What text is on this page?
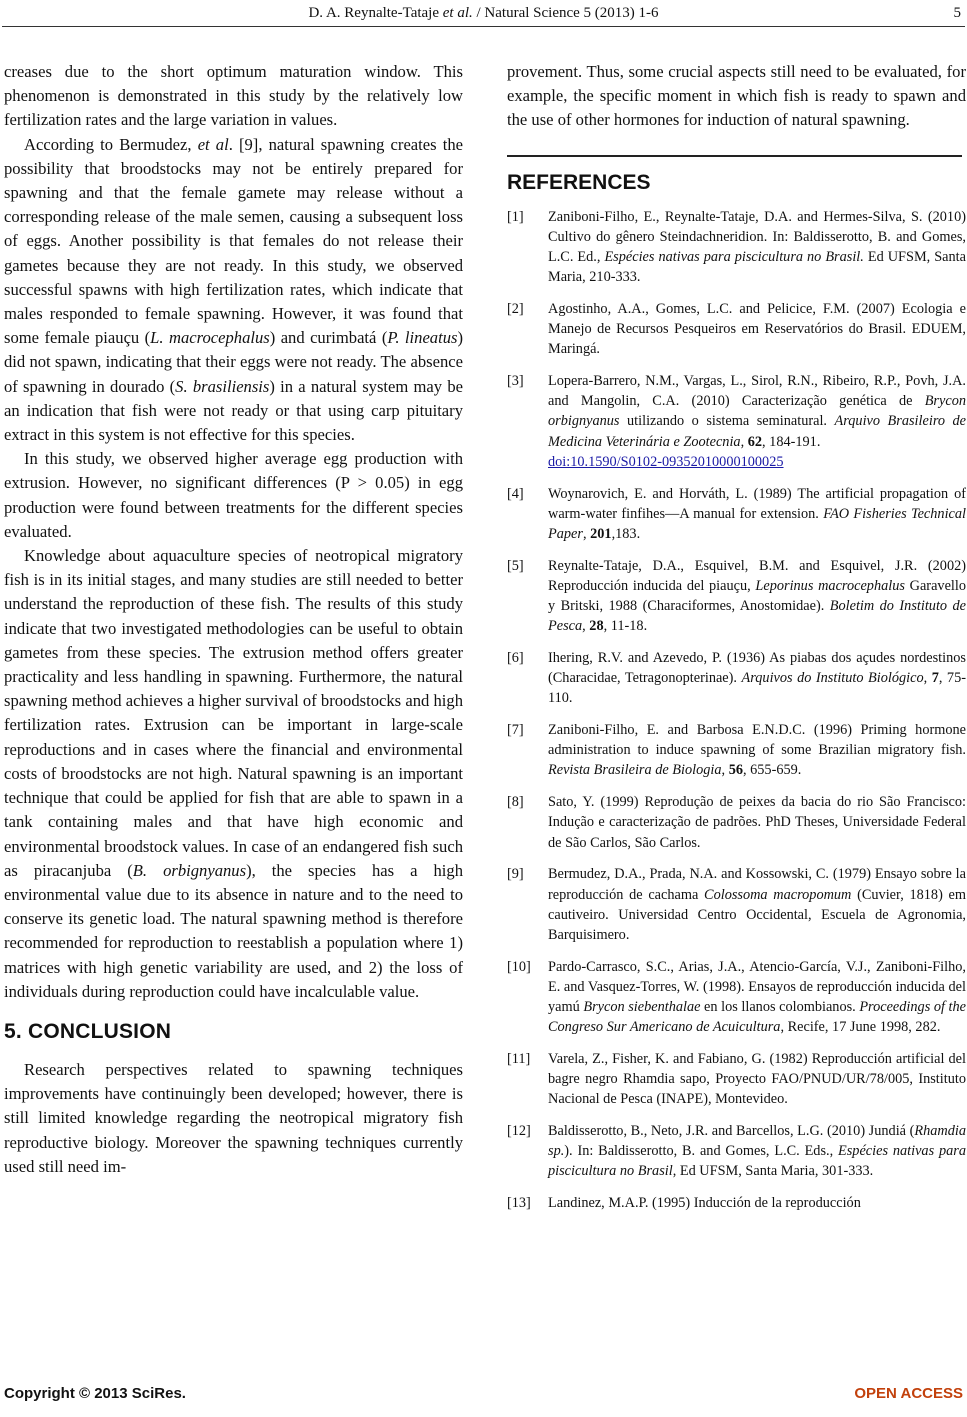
D. A. Reynalte-Tataje et al. / Natural Science 5 (2013) 1-6	5

creases due to the short optimum maturation window. This phenomenon is demonstrated in this study by the relatively low fertilization rates and the large variation in values.

According to Bermudez, et al. [9], natural spawning creates the possibility that broodstocks may not be entirely prepared for spawning and that the female gamete may release without a corresponding release of the male semen, causing a subsequent loss of eggs. Another possibility is that females do not release their gametes because they are not ready. In this study, we observed successful spawns with high fertilization rates, which indicate that males responded to female spawning. However, it was found that some female piauçu (L. macrocephalus) and curimbatá (P. lineatus) did not spawn, indicating that their eggs were not ready. The absence of spawning in dourado (S. brasiliensis) in a natural system may be an indication that fish were not ready or that using carp pituitary extract in this system is not effective for this species.

In this study, we observed higher average egg production with extrusion. However, no significant differences (P > 0.05) in egg production were found between treatments for the different species evaluated.

Knowledge about aquaculture species of neotropical migratory fish is in its initial stages, and many studies are still needed to better understand the reproduction of these fish. The results of this study indicate that two investigated methodologies can be useful to obtain gametes from these species. The extrusion method offers greater practicality and less handling in spawning. Furthermore, the natural spawning method achieves a higher survival of broodstocks and high fertilization rates. Extrusion can be important in large-scale reproductions and in cases where the financial and environmental costs of broodstocks are not high. Natural spawning is an important technique that could be applied for fish that are able to spawn in a tank containing males and that have high economic and environmental broodstock values. In case of an endangered fish such as piracanjuba (B. orbignyanus), the species has a high environmental value due to its absence in nature and to the need to conserve its genetic load. The natural spawning method is therefore recommended for reproduction to reestablish a population where 1) matrices with high genetic variability are used, and 2) the loss of individuals during reproduction could have incalculable value.

5. CONCLUSION

Research perspectives related to spawning techniques improvements have continuingly been developed; however, there is still limited knowledge regarding the neotropical migratory fish reproductive biology. Moreover the spawning techniques currently used still need im-

provement. Thus, some crucial aspects still need to be evaluated, for example, the specific moment in which fish is ready to spawn and the use of other hormones for induction of natural spawning.

REFERENCES
[1] Zaniboni-Filho, E., Reynalte-Tataje, D.A. and Hermes-Silva, S. (2010) Cultivo do gênero Steindachneridion. In: Baldisserotto, B. and Gomes, L.C. Ed., Espécies nativas para piscicultura no Brasil. Ed UFSM, Santa Maria, 210-333.
[2] Agostinho, A.A., Gomes, L.C. and Pelicice, F.M. (2007) Ecologia e Manejo de Recursos Pesqueiros em Reservatórios do Brasil. EDUEM, Maringá.
[3] Lopera-Barrero, N.M., Vargas, L., Sirol, R.N., Ribeiro, R.P., Povh, J.A. and Mangolin, C.A. (2010) Caracterização genética de Brycon orbignyanus utilizando o sistema seminatural. Arquivo Brasileiro de Medicina Veterinária e Zootecnia, 62, 184-191.
doi:10.1590/S0102-09352010000100025
[4] Woynarovich, E. and Horváth, L. (1989) The artificial propagation of warm-water finfihes—A manual for extension. FAO Fisheries Technical Paper, 201,183.
[5] Reynalte-Tataje, D.A., Esquivel, B.M. and Esquivel, J.R. (2002) Reproducción inducida del piauçu, Leporinus macrocephalus Garavello y Britski, 1988 (Characiformes, Anostomidae). Boletim do Instituto de Pesca, 28, 11-18.
[6] Ihering, R.V. and Azevedo, P. (1936) As piabas dos açudes nordestinos (Characidae, Tetragonopterinae). Arquivos do Instituto Biológico, 7, 75-110.
[7] Zaniboni-Filho, E. and Barbosa E.N.D.C. (1996) Priming hormone administration to induce spawning of some Brazilian migratory fish. Revista Brasileira de Biologia, 56, 655-659.
[8] Sato, Y. (1999) Reprodução de peixes da bacia do rio São Francisco: Indução e caracterização de padrões. PhD Theses, Universidade Federal de São Carlos, São Carlos.
[9] Bermudez, D.A., Prada, N.A. and Kossowski, C. (1979) Ensayo sobre la reproducción de cachama Colossoma macropomum (Cuvier, 1818) em cautiveiro. Universidad Centro Occidental, Escuela de Agronomia, Barquisimero.
[10] Pardo-Carrasco, S.C., Arias, J.A., Atencio-García, V.J., Zaniboni-Filho, E. and Vasquez-Torres, W. (1998). Ensayos de reproducción inducida del yamú Brycon siebenthalae en los llanos colombianos. Proceedings of the Congreso Sur Americano de Acuicultura, Recife, 17 June 1998, 282.
[11] Varela, Z., Fisher, K. and Fabiano, G. (1982) Reproducción artificial del bagre negro Rhamdia sapo, Proyecto FAO/PNUD/UR/78/005, Instituto Nacional de Pesca (INAPE), Montevideo.
[12] Baldisserotto, B., Neto, J.R. and Barcellos, L.G. (2010) Jundiá (Rhamdia sp.). In: Baldisserotto, B. and Gomes, L.C. Eds., Espécies nativas para piscicultura no Brasil, Ed UFSM, Santa Maria, 301-333.
[13] Landinez, M.A.P. (1995) Inducción de la reproducción
Copyright © 2013 SciRes.	OPEN ACCESS
